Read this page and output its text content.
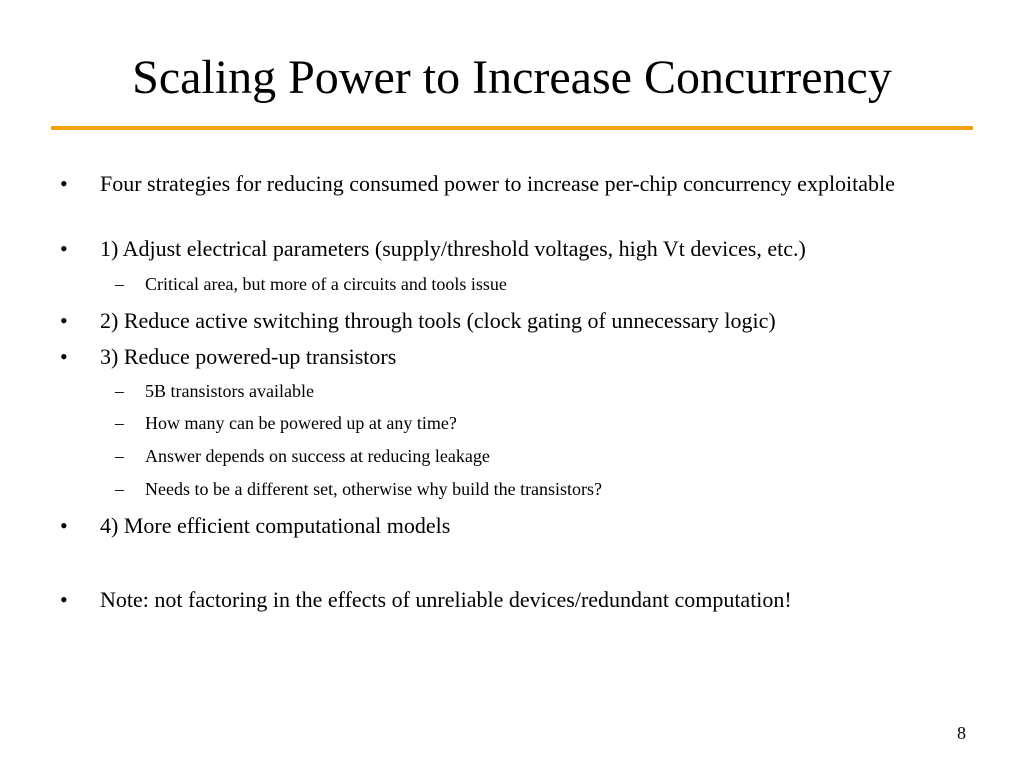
Scaling Power to Increase Concurrency
•	Four strategies for reducing consumed power to increase per-chip concurrency exploitable
•	1) Adjust electrical parameters (supply/threshold voltages, high Vt devices, etc.)
–	Critical area, but more of a circuits and tools issue
•	2) Reduce active switching through tools (clock gating of unnecessary logic)
•	3) Reduce powered-up transistors
–	5B transistors available
–	How many can be powered up at any time?
–	Answer depends on success at reducing leakage
–	Needs to be a different set, otherwise why build the transistors?
•	4) More efficient computational models
•	Note: not factoring in the effects of unreliable devices/redundant computation!
8
